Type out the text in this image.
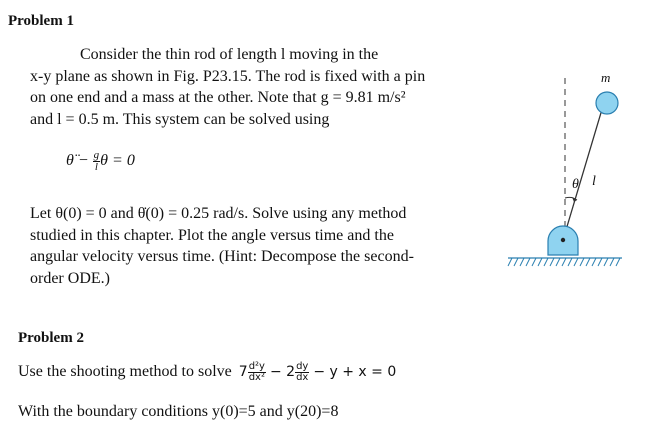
Problem 1
Consider the thin rod of length l moving in the
x-y plane as shown in Fig. P23.15. The rod is fixed with a pin
on one end and a mass at the other. Note that g = 9.81 m/s²
and l = 0.5 m. This system can be solved using
θ̈ − $\frac{g}{l}$ θ = 0
Let θ(0) = 0 and θ̇(0) = 0.25 rad/s. Solve using any method
studied in this chapter. Plot the angle versus time and the
angular velocity versus time. (Hint: Decompose the second-
order ODE.)
m
θ l
Problem 2
Use the shooting method to solve $7 \frac{\text{d²y}}{\text{dx²}} - 2 \frac{dy}{dx} - y + x = 0$
With the boundary conditions y(0)=5 and y(20)=8
